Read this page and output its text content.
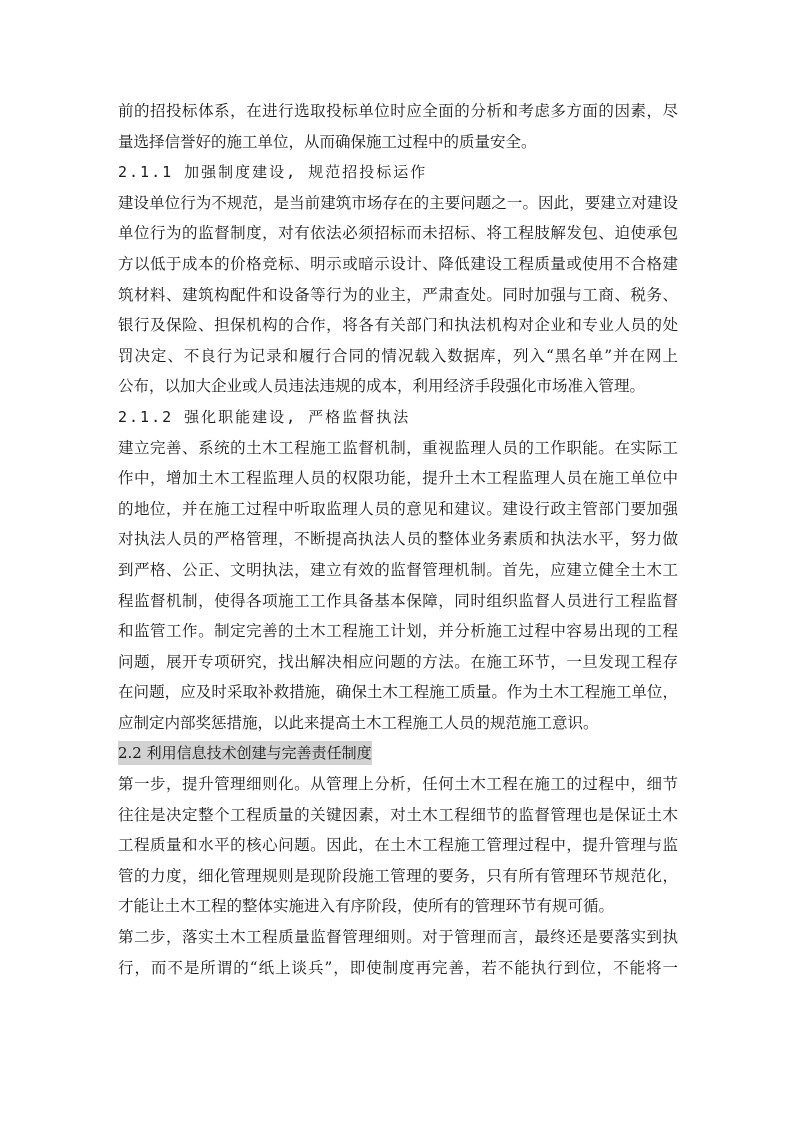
前的招投标体系，在进行选取投标单位时应全面的分析和考虑多方面的因素，尽
量选择信誉好的施工单位，从而确保施工过程中的质量安全。
2.1.1 加强制度建设, 规范招投标运作
建设单位行为不规范，是当前建筑市场存在的主要问题之一。因此，要建立对建设
单位行为的监督制度，对有依法必须招标而未招标、将工程肢解发包、迫使承包
方以低于成本的价格竞标、明示或暗示设计、降低建设工程质量或使用不合格建
筑材料、建筑构配件和设备等行为的业主，严肃查处。同时加强与工商、税务、
银行及保险、担保机构的合作，将各有关部门和执法机构对企业和专业人员的处
罚决定、不良行为记录和履行合同的情况载入数据库，列入“黑名单”并在网上
公布，以加大企业或人员违法违规的成本，利用经济手段强化市场准入管理。
2.1.2 强化职能建设, 严格监督执法
建立完善、系统的土木工程施工监督机制，重视监理人员的工作职能。在实际工
作中，增加土木工程监理人员的权限功能，提升土木工程监理人员在施工单位中
的地位，并在施工过程中听取监理人员的意见和建议。建设行政主管部门要加强
对执法人员的严格管理，不断提高执法人员的整体业务素质和执法水平，努力做
到严格、公正、文明执法，建立有效的监督管理机制。首先，应建立健全土木工
程监督机制，使得各项施工工作具备基本保障，同时组织监督人员进行工程监督
和监管工作。制定完善的土木工程施工计划，并分析施工过程中容易出现的工程
问题，展开专项研究，找出解决相应问题的方法。在施工环节，一旦发现工程存
在问题，应及时采取补救措施，确保土木工程施工质量。作为土木工程施工单位，
应制定内部奖惩措施，以此来提高土木工程施工人员的规范施工意识。
2.2 利用信息技术创建与完善责任制度
第一步，提升管理细则化。从管理上分析，任何土木工程在施工的过程中，细节
往往是决定整个工程质量的关键因素，对土木工程细节的监督管理也是保证土木
工程质量和水平的核心问题。因此，在土木工程施工管理过程中，提升管理与监
管的力度，细化管理规则是现阶段施工管理的要务，只有所有管理环节规范化，
才能让土木工程的整体实施进入有序阶段，使所有的管理环节有规可循。
第二步，落实土木工程质量监督管理细则。对于管理而言，最终还是要落实到执
行，而不是所谓的“纸上谈兵”，即使制度再完善，若不能执行到位，不能将一
